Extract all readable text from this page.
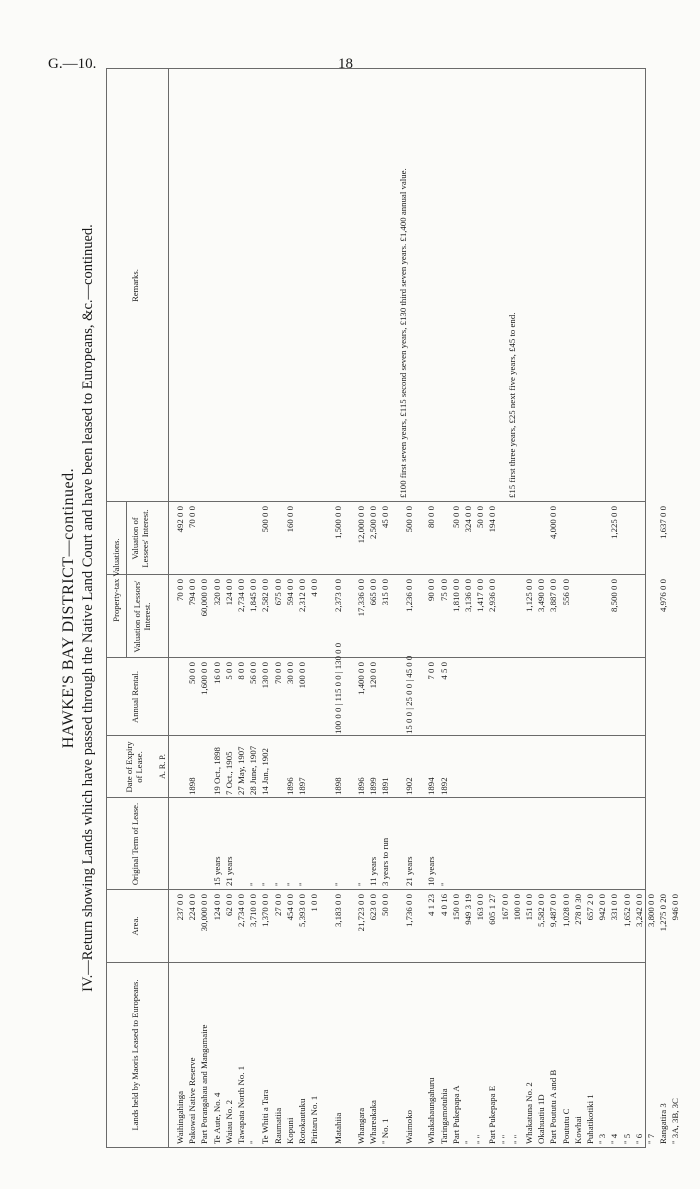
G.—10.	18
HAWKE'S BAY DISTRICT—continued. IV.—Return showing Lands which have passed through the Native Land Court and have been leased to Europeans, &c.—continued.
Lands held by Maoris Leased to Europeans.
Area.
A. R. P.
Original Term of Lease.
Date of Expiry of Lease.
Annual Rental.
Property-tax Valuations. Valuation of Lessors' Interest.
Valuation of Lessees' Interest.
Remarks.
Waihingahinga
237 0 0
70 0 0
492 0 0
Pakowai Native Reserve
224 0 0
1898
50 0 0
794 0 0
70 0 0
Part Porangahau and Mangamaire
30,000 0 0
1,600 0 0
60,000 0 0
Te Aute, No. 4
124 0 0
15 years
19 Oct., 1898
16 0 0
320 0 0
Waiau No. 2
62 0 0
21 years
7 Oct., 1905
5 0 0
124 0 0
Tawapata North No. 1
2,734 0 0
27 May, 1907
8 0 0
2,734 0 0
"
3,710 0 0
"
28 June, 1907
56 0 0
1,845 0 0
Te Whiti a Tara
1,370 0 0
"
14 Jan., 1902
130 0 0
2,582 0 0
500 0 0
Raumatiia
27 0 0
"
70 0 0
675 0 0
Kopuni
454 0 0
"
1896
30 0 0
594 0 0
160 0 0
Rotokautuku
5,393 0 0
"
1897
100 0 0
2,312 0 0
Piritaru No. 1
1 0 0
4 0 0
Matahiia
3,183 0 0
"
1898
100 0 0 | 115 0 0 | 130 0 0
2,373 0 0
1,500 0 0
Whangara
21,723 0 0
"
1896
1,400 0 0
17,336 0 0
12,000 0 0
Whareakaka
623 0 0
11 years
1899
120 0 0
665 0 0
2,500 0 0
" No. 1
50 0 0
3 years to run
1891
315 0 0
45 0 0
Waimoko
1,736 0 0
21 years
1902
15 0 0 | 25 0 0 | 45 0 0
1,236 0 0
500 0 0
Whakahaungahuru
4 1 23
10 years
1894
7 0 0
90 0 0
80 0 0
Taringamotuhia
4 0 16
"
1892
4 5 0
75 0 0
Part Pukepapa A
150 0 0
1,810 0 0
50 0 0
"
949 3 19
3,136 0 0
324 0 0
" "
163 0 0
1,417 0 0
50 0 0
Part Pukepapa E
605 1 27
2,936 0 0
194 0 0
" "
167 0 0
" "
100 0 0
Whakatuna No. 2
151 0 0
1,125 0 0
Okahuatiu 1D
5,582 0 0
3,490 0 0
Part Poututu A and B
9,487 0 0
3,887 0 0
4,000 0 0
Poututu C
1,028 0 0
556 0 0
Kowhai
278 0 30
Puhatikotiki 1
657 2 0
" 3
942 0 0
" 4
331 0 0
8,500 0 0
1,225 0 0
" 5
1,652 0 0
" 6
3,242 0 0
" 7
3,800 0 0
Rangatira 3
1,275 0 20
4,976 0 0
1,637 0 0
" 3A, 3B, 3C
946 0 0
£100 first seven years, £115 second seven years, £130 third seven years. £1,400 annual value.	£15 first three years, £25 next five years, £45 to end.
